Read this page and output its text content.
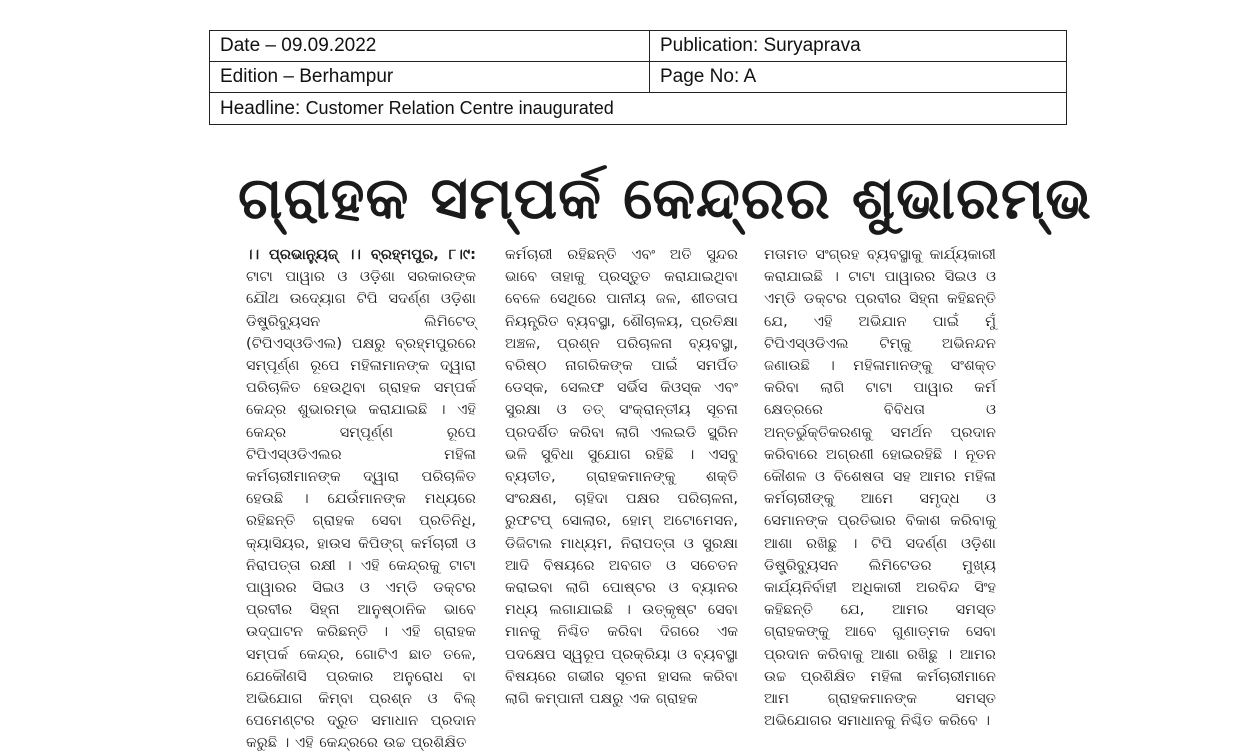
Date – 09.09.2022	Publication: Suryaprava
Edition – Berhampur	Page No: A
Headline: Customer Relation Centre inaugurated	
ଗ୍ରାହକ ସମ୍ପର୍କ କେନ୍ଦ୍ରର ଶୁଭାରମ୍ଭ
।। ପ୍ରଭାନ୍ୟୁଜ୍ ।। ବ୍ରହ୍ମପୁର, ୮।୯: ଟାଟା ପାୱାର ଓ ଓଡ଼ିଶା ସରକାରଙ୍କ ଯୌଥ ଉଦ୍ୟୋଗ ଟିପି ସଦର୍ଣ୍ଣ ଓଡ଼ିଶା ଡିଷ୍ଟ୍ରିବ୍ୟୁସନ ଲିମିଟେଡ୍ (ଟିପିଏସ୍ଓଡିଏଲ) ପକ୍ଷରୁ ବ୍ରହ୍ମପୁରରେ ସମ୍ପୂର୍ଣ୍ଣ ରୂପେ ମହିଳାମାନଙ୍କ ଦ୍ୱାରା ପରିଚାଳିତ ହେଉଥିବା ଗ୍ରାହକ ସମ୍ପର୍କ କେନ୍ଦ୍ର ଶୁଭାରମ୍ଭ କରାଯାଇଛି । ଏହି କେନ୍ଦ୍ର ସମ୍ପୂର୍ଣ୍ଣ ରୂପେ ଟିପିଏସ୍ଓଡିଏଲର ମହିଳା କର୍ମଚାରୀମାନଙ୍କ ଦ୍ୱାରା ପରିଚାଳିତ ହେଉଛି । ଯେଉଁମାନଙ୍କ ମଧ୍ୟରେ ରହିଛନ୍ତି ଗ୍ରାହକ ସେବା ପ୍ରତିନିଧି, କ୍ୟାସିୟର, ହାଉସ କିପିଙ୍ଗ୍ କର୍ମଚାରୀ ଓ ନିରାପତ୍ତା ରକ୍ଷୀ । ଏହି କେନ୍ଦ୍ରକୁ ଟାଟା ପାୱାରର ସିଇଓ ଓ ଏମ୍‌ଡି ଡକ୍ଟର ପ୍ରବୀର ସିହ୍ନା ଆନୁଷ୍ଠାନିକ ଭାବେ ଉଦ୍‌ଘାଟନ କରିଛନ୍ତି । ଏହି ଗ୍ରାହକ ସମ୍ପର୍କ କେନ୍ଦ୍ର, ଗୋଟିଏ ଛାତ ତଳେ, ଯେକୌଣସି ପ୍ରକାର ଅନୁରୋଧ ବା ଅଭିଯୋଗ କିମ୍ବା ପ୍ରଶ୍ନ ଓ ବିଲ୍ ପେମେଣ୍ଟର ଦ୍ରୁତ ସମାଧାନ ପ୍ରଦାନ କରୁଛି । ଏହି କେନ୍ଦ୍ରରେ ଉଚ୍ଚ ପ୍ରଶିକ୍ଷିତ
କର୍ମଚାରୀ ରହିଛନ୍ତି ଏବଂ ଅତି ସୁନ୍ଦର ଭାବେ ତାହାକୁ ପ୍ରସ୍ତୁତ କରାଯାଇଥିବା ବେଳେ ସେଥିରେ ପାନୀୟ ଜଳ, ଶୀତତାପ ନିୟନ୍ତ୍ରିତ ବ୍ୟବସ୍ଥା, ଶୌଚାଳୟ, ପ୍ରତିକ୍ଷା ଅଞ୍ଚଳ, ପ୍ରଶ୍ନ ପରିଚାଳନା ବ୍ୟବସ୍ଥା, ବରିଷ୍ଠ ନାଗରିକଙ୍କ ପାଇଁ ସମର୍ପିତ ଡେସ୍କ, ସେଲଫ ସର୍ଭିସ କିଓସ୍କ ଏବଂ ସୁରକ୍ଷା ଓ ତତ୍ ସଂକ୍ରାନ୍ତୀୟ ସୂଚନା ପ୍ରଦର୍ଶିତ କରିବା ଲାଗି ଏଲଇଡି ସ୍କ୍ରିନ ଭଳି ସୁବିଧା ସୁଯୋଗ ରହିଛି । ଏସବୁ ବ୍ୟତୀତ, ଗ୍ରାହକମାନଙ୍କୁ ଶକ୍ତି ସଂରକ୍ଷଣ, ଚାହିଦା ପକ୍ଷର ପରିଚାଳନା, ରୁଫଟପ୍ ସୋଲାର, ହୋମ୍ ଅଟୋମେସନ, ଡିଜିଟାଲ ମାଧ୍ୟମ, ନିରାପତ୍ତା ଓ ସୁରକ୍ଷା ଆଦି ବିଷୟରେ ଅବଗତ ଓ ସଚେତନ କରାଇବା ଲାଗି ପୋଷ୍ଟର ଓ ବ୍ୟାନର ମଧ୍ୟ ଲଗାଯାଇଛି । ଉତ୍କୃଷ୍ଟ ସେବା ମାନକୁ ନିଶ୍ଚିତ କରିବା ଦିଗରେ ଏକ ପଦକ୍ଷେପ ସ୍ୱରୂପ ପ୍ରକ୍ରିୟା ଓ ବ୍ୟବସ୍ଥା ବିଷୟରେ ଗଭୀର ସୂଚନା ହାସଲ କରିବା ଲାଗି କମ୍ପାନୀ ପକ୍ଷରୁ ଏକ ଗ୍ରାହକ
ମତାମତ ସଂଗ୍ରହ ବ୍ୟବସ୍ଥାକୁ କାର୍ଯ୍ୟକାରୀ କରାଯାଇଛି । ଟାଟା ପାୱାରର ସିଇଓ ଓ ଏମ୍‌ଡି ଡକ୍ଟର ପ୍ରବୀର ସିହ୍ନା କହିଛନ୍ତି ଯେ, ଏହି ଅଭିଯାନ ପାଇଁ ମୁଁ ଟିପିଏସ୍ଓଡିଏଲ ଟିମ୍‌କୁ ଅଭିନନ୍ଦନ ଜଣାଉଛି । ମହିଳାମାନଙ୍କୁ ସଂଶକ୍ତ କରିବା ଲାଗି ଟାଟା ପାୱାର କର୍ମ କ୍ଷେତ୍ରରେ ବିବିଧତା ଓ ଅନ୍ତର୍ଭୁକ୍ତିକରଣକୁ ସମର୍ଥନ ପ୍ରଦାନ କରିବାରେ ଅଗ୍ରଣୀ ହୋଇରହିଛି । ନୂତନ କୌଶଳ ଓ ବିଶେଷତା ସହ ଆମର ମହିଳା କର୍ମଚାରୀଙ୍କୁ ଆମେ ସମୃଦ୍ଧ ଓ ସେମାନଙ୍କ ପ୍ରତିଭାର ବିକାଶ କରିବାକୁ ଆଶା ରଖିଛୁ । ଟିପି ସଦର୍ଣ୍ଣ ଓଡ଼ିଶା ଡିଷ୍ଟ୍ରିବ୍ୟୁସନ ଲିମିଟେଡର ମୁଖ୍ୟ କାର୍ଯ୍ୟନିର୍ବାହୀ ଅଧିକାରୀ ଅରବିନ୍ଦ ସିଂହ କହିଛନ୍ତି ଯେ, ଆମର ସମସ୍ତ ଗ୍ରାହକଙ୍କୁ ଆବେ ଗୁଣାତ୍ମକ ସେବା ପ୍ରଦାନ କରିବାକୁ ଆଶା ରଖିଛୁ । ଆମର ଉଚ୍ଚ ପ୍ରଶିକ୍ଷିତ ମହିଳା କର୍ମଚାରୀମାନେ ଆମ ଗ୍ରାହକମାନଙ୍କ ସମସ୍ତ ଅଭିଯୋଗର ସମାଧାନକୁ ନିଶ୍ଚିତ କରିବେ ।
